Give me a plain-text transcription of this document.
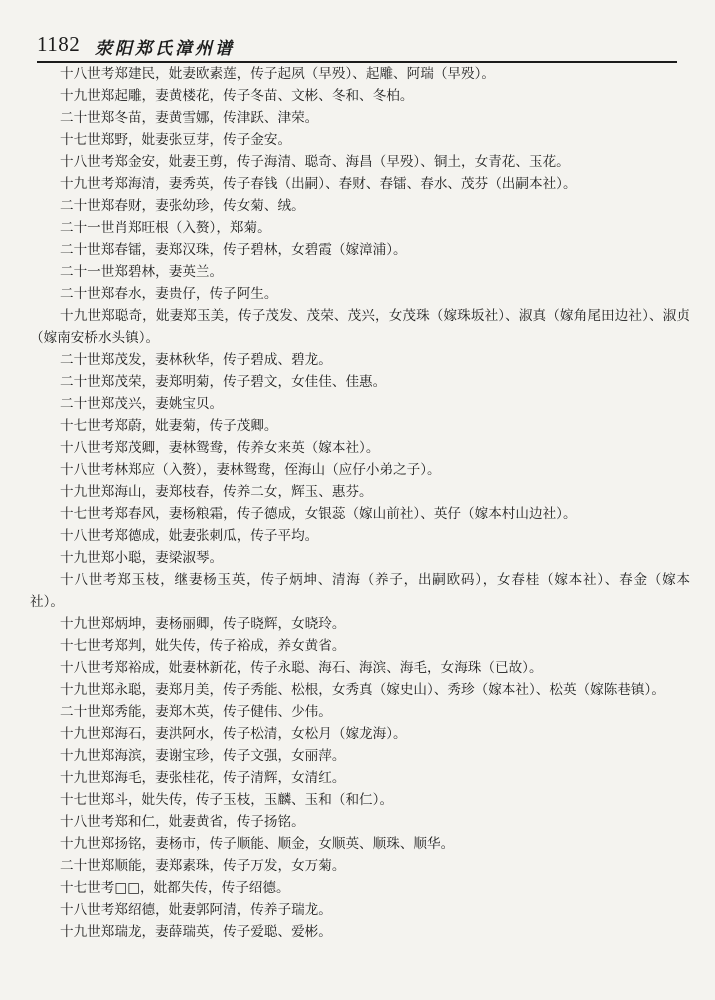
1182 荥阳郑氏漳州谱

十八世考郑建民，妣妻欧素莲，传子起夙（早殁）、起雕、阿瑞（早殁）。

十九世郑起雕，妻黄楼花，传子冬苗、文彬、冬和、冬柏。

二十世郑冬苗，妻黄雪娜，传津跃、津荣。

十七世郑野，妣妻张豆芽，传子金安。

十八世考郑金安，妣妻王剪，传子海清、聪奇、海昌（早殁）、铜土，女青花、玉花。

十九世考郑海清，妻秀英，传子春钱（出嗣）、春财、春镭、春水、茂芬（出嗣本社）。

二十世郑春财，妻张幼珍，传女菊、绒。

二十一世肖郑旺根（入赘），郑菊。

二十世郑春镭，妻郑汉珠，传子碧林，女碧霞（嫁漳浦）。

二十一世郑碧林，妻英兰。

二十世郑春水，妻贵仔，传子阿生。

十九世郑聪奇，妣妻郑玉美，传子茂发、茂荣、茂兴，女茂珠（嫁珠坂社）、淑真（嫁角尾田边社）、淑贞（嫁南安桥水头镇）。

二十世郑茂发，妻林秋华，传子碧成、碧龙。

二十世郑茂荣，妻郑明菊，传子碧文，女佳佳、佳惠。

二十世郑茂兴，妻姚宝贝。

十七世考郑蔚，妣妻菊，传子茂卿。

十八世考郑茂卿，妻林鸳鸯，传养女来英（嫁本社）。

十八世考林郑应（入赘），妻林鸳鸯，侄海山（应仔小弟之子）。

十九世郑海山，妻郑枝春，传养二女，辉玉、惠芬。

十七世考郑春风，妻杨粮霜，传子德成，女银蕊（嫁山前社）、英仔（嫁本村山边社）。

十八世考郑德成，妣妻张刺瓜，传子平均。

十九世郑小聪，妻梁淑琴。

十八世考郑玉枝，继妻杨玉英，传子炳坤、清海（养子，出嗣欧码），女春桂（嫁本社）、春金（嫁本社）。

十九世郑炳坤，妻杨丽卿，传子晓辉，女晓玲。

十七世考郑判，妣失传，传子裕成，养女黄省。

十八世考郑裕成，妣妻林新花，传子永聪、海石、海滨、海毛，女海珠（已故）。

十九世郑永聪，妻郑月美，传子秀能、松根，女秀真（嫁史山）、秀珍（嫁本社）、松英（嫁陈巷镇）。

二十世郑秀能，妻郑木英，传子健伟、少伟。

十九世郑海石，妻洪阿水，传子松清，女松月（嫁龙海）。

十九世郑海滨，妻谢宝珍，传子文强，女丽萍。

十九世郑海毛，妻张桂花，传子清辉，女清红。

十七世郑斗，妣失传，传子玉枝，玉麟、玉和（和仁）。

十八世考郑和仁，妣妻黄省，传子扬铭。

十九世郑扬铭，妻杨市，传子顺能、顺金，女顺英、顺珠、顺华。

二十世郑顺能，妻郑素珠，传子万发，女万菊。

十七世考□□，妣都失传，传子绍德。

十八世考郑绍德，妣妻郭阿清，传养子瑞龙。

十九世郑瑞龙，妻薛瑞英，传子爱聪、爱彬。
